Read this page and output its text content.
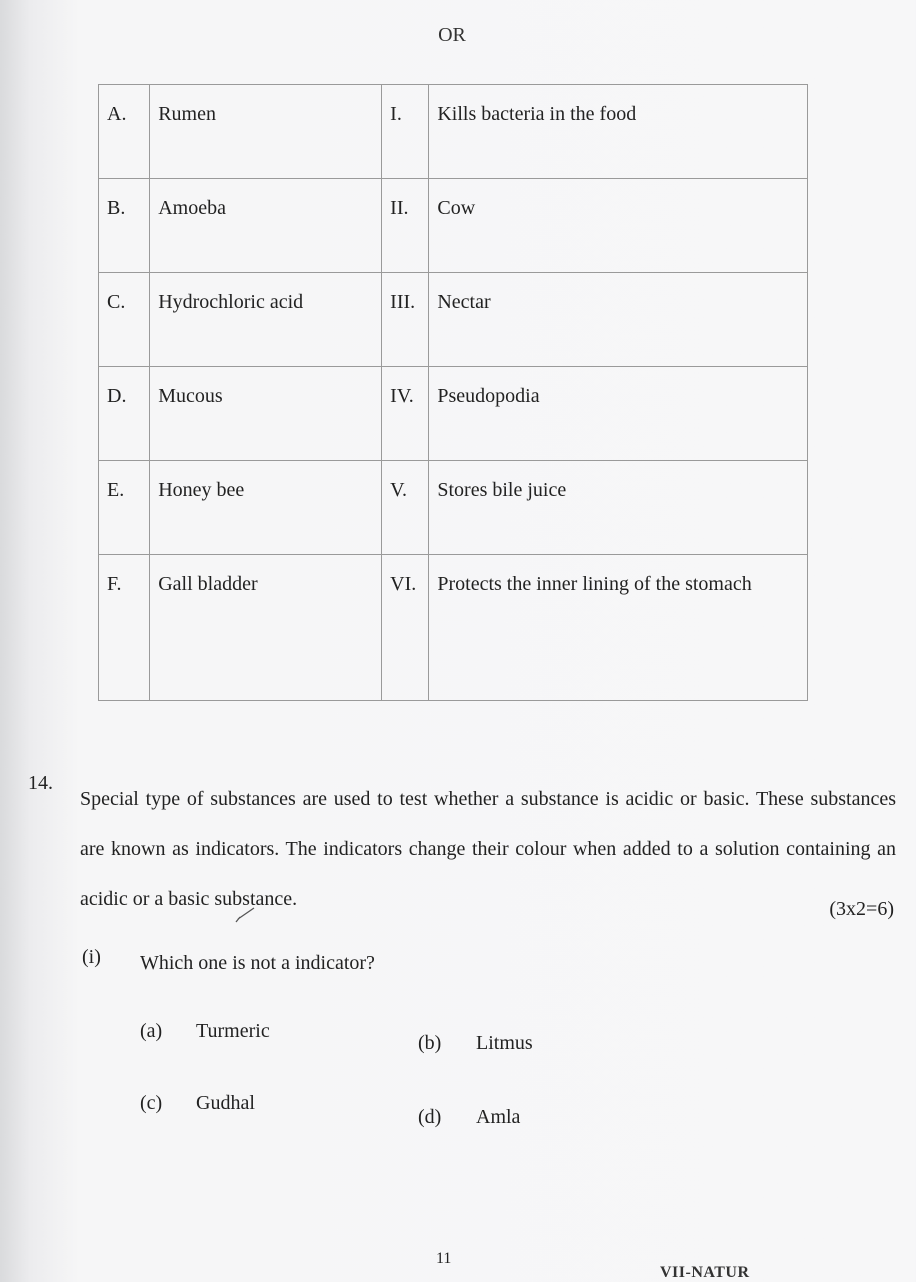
OR
A.	Rumen	I.	Kills bacteria in the food
B.	Amoeba	II.	Cow
C.	Hydrochloric acid	III.	Nectar
D.	Mucous	IV.	Pseudopodia
E.	Honey bee	V.	Stores bile juice
F.	Gall bladder	VI.	Protects the inner lining of the stomach
14.
Special type of substances are used to test whether a substance is acidic or basic. These substances are known as indicators. The indicators change their colour when added to a solution containing an acidic or a basic substance.	(3x2=6)
(i) Which one is not a indicator?
(a) Turmeric
(b) Litmus
(c) Gudhal
(d) Amla
11
VII-NATUR
